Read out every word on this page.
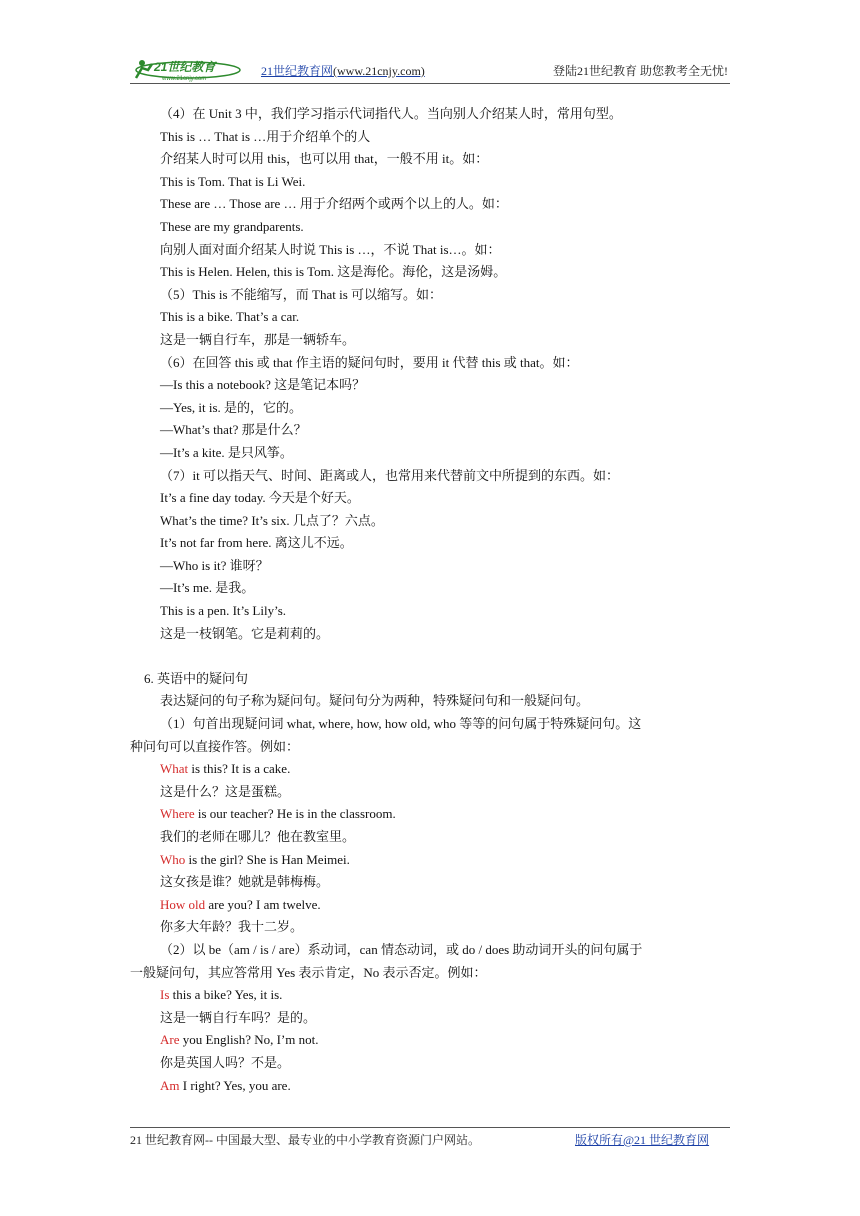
21世纪教育
www.21cnjy.com
21世纪教育网(www.21cnjy.com)	登陆21世纪教育 助您教考全无忧!
（4）在 Unit 3 中，我们学习指示代词指代人。当向别人介绍某人时，常用句型。
This is … That is …用于介绍单个的人
介绍某人时可以用 this，也可以用 that，一般不用 it。如：
This is Tom. That is Li Wei.
These are … Those are … 用于介绍两个或两个以上的人。如：
These are my grandparents.
向别人面对面介绍某人时说 This is …，不说 That is…。如：
This is Helen. Helen, this is Tom. 这是海伦。海伦，这是汤姆。
（5）This is 不能缩写，而 That is 可以缩写。如：
This is a bike. That’s a car.
这是一辆自行车，那是一辆轿车。
（6）在回答 this 或 that 作主语的疑问句时，要用 it 代替 this 或 that。如：
—Is this a notebook? 这是笔记本吗？
—Yes, it is. 是的，它的。
—What’s that? 那是什么？
—It’s a kite. 是只风筝。
（7）it 可以指天气、时间、距离或人，也常用来代替前文中所提到的东西。如：
It’s a fine day today. 今天是个好天。
What’s the time? It’s six. 几点了？六点。
It’s not far from here. 离这儿不远。
—Who is it? 谁呀？
—It’s me. 是我。
This is a pen. It’s Lily’s.
这是一枝钢笔。它是莉莉的。
6. 英语中的疑问句
表达疑问的句子称为疑问句。疑问句分为两种，特殊疑问句和一般疑问句。
（1）句首出现疑问词 what, where, how, how old, who 等等的问句属于特殊疑问句。这
种问句可以直接作答。例如：
What is this? It is a cake.
这是什么？这是蛋糕。
Where is our teacher? He is in the classroom.
我们的老师在哪儿？他在教室里。
Who is the girl? She is Han Meimei.
这女孩是谁？她就是韩梅梅。
How old are you? I am twelve.
你多大年龄？我十二岁。
（2）以 be（am / is / are）系动词，can 情态动词，或 do / does 助动词开头的问句属于
一般疑问句，其应答常用 Yes 表示肯定，No 表示否定。例如：
Is this a bike? Yes, it is.
这是一辆自行车吗？是的。
Are you English? No, I’m not.
你是英国人吗？不是。
Am I right? Yes, you are.
21 世纪教育网-- 中国最大型、最专业的中小学教育资源门户网站。	版权所有@21 世纪教育网
